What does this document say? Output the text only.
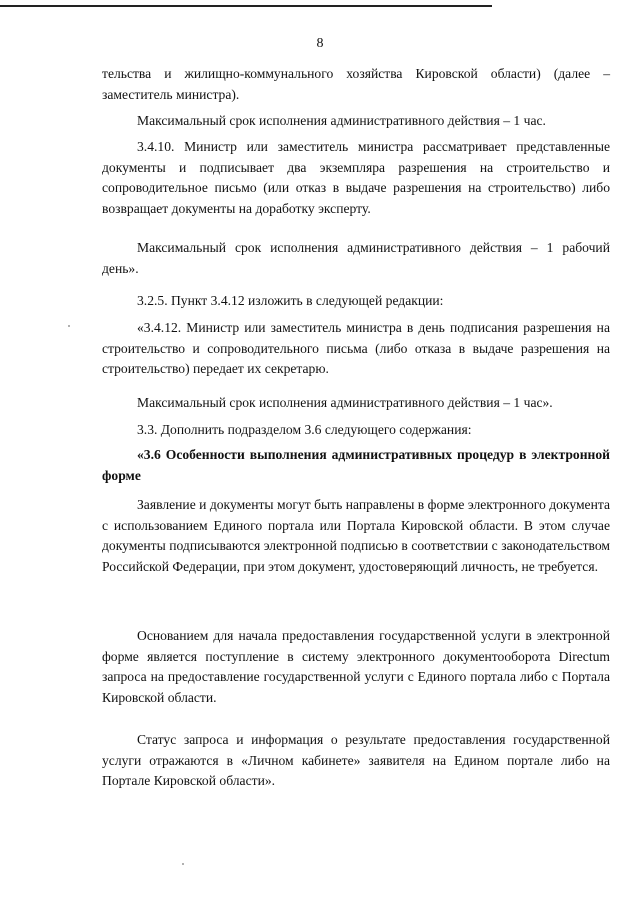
8

тельства и жилищно-коммунального хозяйства Кировской области) (далее – заместитель министра).

Максимальный срок исполнения административного действия – 1 час.

3.4.10. Министр или заместитель министра рассматривает представленные документы и подписывает два экземпляра разрешения на строительство и сопроводительное письмо (или отказ в выдаче разрешения на строительство) либо возвращает документы на доработку эксперту.

Максимальный срок исполнения административного действия – 1 рабочий день».

3.2.5. Пункт 3.4.12 изложить в следующей редакции:

«3.4.12. Министр или заместитель министра в день подписания разрешения на строительство и сопроводительного письма (либо отказа в выдаче разрешения на строительство) передает их секретарю.

Максимальный срок исполнения административного действия – 1 час».

3.3. Дополнить подразделом 3.6 следующего содержания:

«3.6 Особенности выполнения административных процедур в электронной форме

Заявление и документы могут быть направлены в форме электронного документа с использованием Единого портала или Портала Кировской области. В этом случае документы подписываются электронной подписью в соответствии с законодательством Российской Федерации, при этом документ, удостоверяющий личность, не требуется.

Основанием для начала предоставления государственной услуги в электронной форме является поступление в систему электронного документооборота Directum запроса на предоставление государственной услуги с Единого портала либо с Портала Кировской области.

Статус запроса и информация о результате предоставления государственной услуги отражаются в «Личном кабинете» заявителя на Едином портале либо на Портале Кировской области».
